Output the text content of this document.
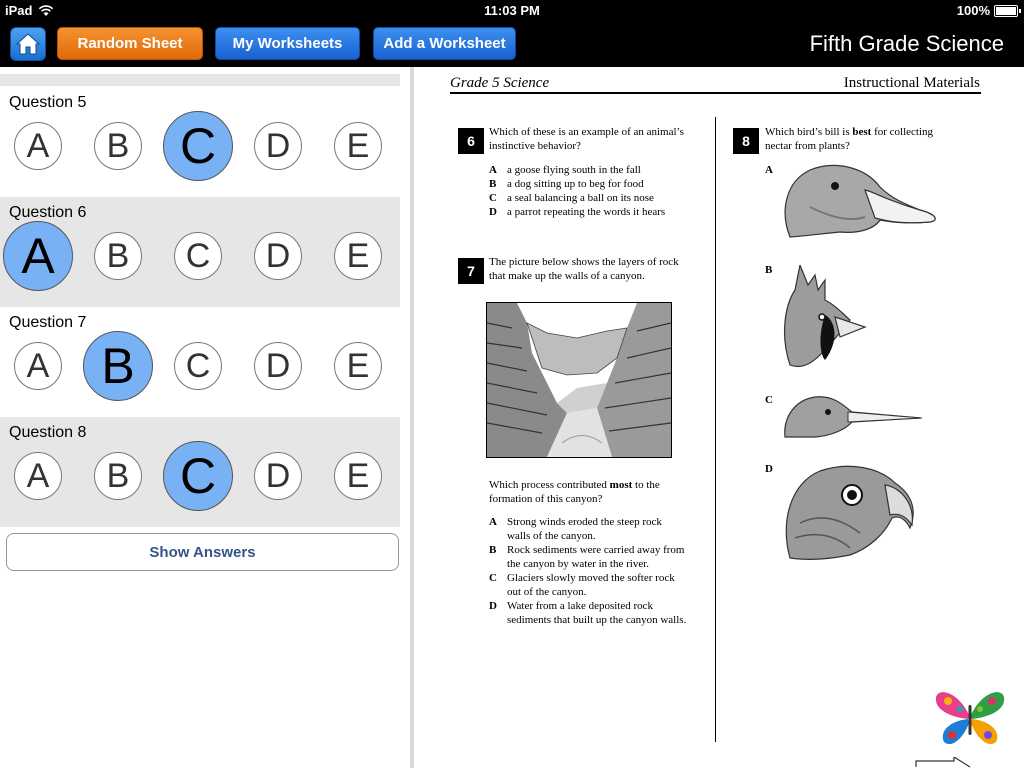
iPad	11:03 PM	100%
Random Sheet	My Worksheets	Add a Worksheet	Fifth Grade Science
Question 5
A	B	C	D	E
Question 6
A	B	C	D	E
Question 7
A	B	C	D	E
Question 8
A	B	C	D	E
Show Answers
Grade 5 Science	Instructional Materials
6
Which of these is an example of an animal’s
instinctive behavior?
A a goose flying south in the fall
B a dog sitting up to beg for food
C a seal balancing a ball on its nose
D a parrot repeating the words it hears
7
The picture below shows the layers of rock
that make up the walls of a canyon.
Which process contributed most to the
formation of this canyon?
A Strong winds eroded the steep rock
walls of the canyon.
B Rock sediments were carried away from
the canyon by water in the river.
C Glaciers slowly moved the softer rock
out of the canyon.
D Water from a lake deposited rock
sediments that built up the canyon walls.
8
Which bird’s bill is best for collecting
nectar from plants?
A
B
C
D
